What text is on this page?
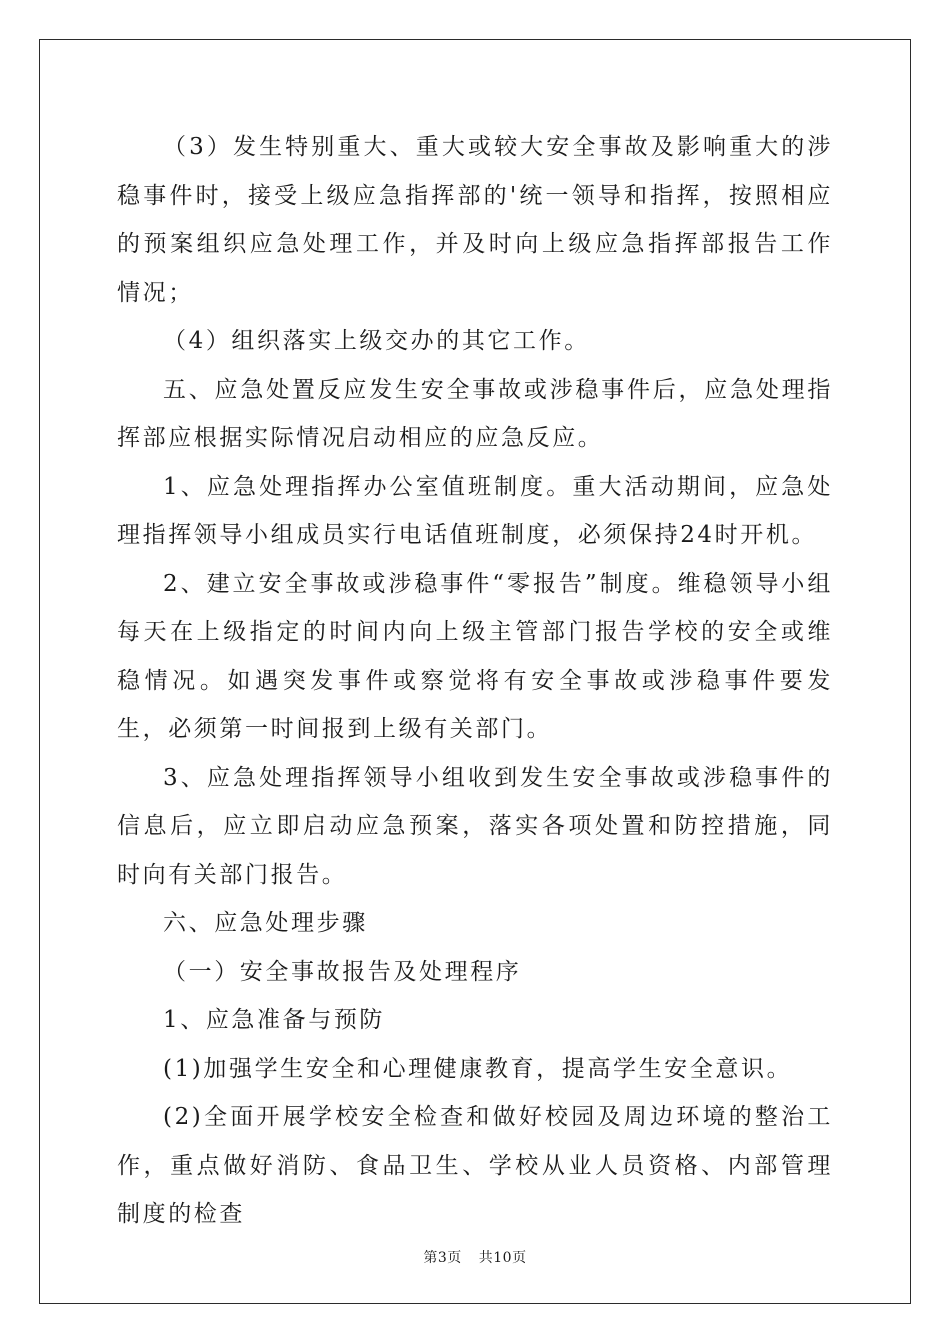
（3）发生特别重大、重大或较大安全事故及影响重大的涉稳事件时，接受上级应急指挥部的'统一领导和指挥，按照相应的预案组织应急处理工作，并及时向上级应急指挥部报告工作情况；

（4）组织落实上级交办的其它工作。

五、应急处置反应发生安全事故或涉稳事件后，应急处理指挥部应根据实际情况启动相应的应急反应。

1、应急处理指挥办公室值班制度。重大活动期间，应急处理指挥领导小组成员实行电话值班制度，必须保持24时开机。

2、建立安全事故或涉稳事件“零报告”制度。维稳领导小组每天在上级指定的时间内向上级主管部门报告学校的安全或维稳情况。如遇突发事件或察觉将有安全事故或涉稳事件要发生，必须第一时间报到上级有关部门。

3、应急处理指挥领导小组收到发生安全事故或涉稳事件的信息后，应立即启动应急预案，落实各项处置和防控措施，同时向有关部门报告。

六、应急处理步骤

（一）安全事故报告及处理程序

1、应急准备与预防

(1)加强学生安全和心理健康教育，提高学生安全意识。

(2)全面开展学校安全检查和做好校园及周边环境的整治工作，重点做好消防、食品卫生、学校从业人员资格、内部管理制度的检查

第3页 共10页
